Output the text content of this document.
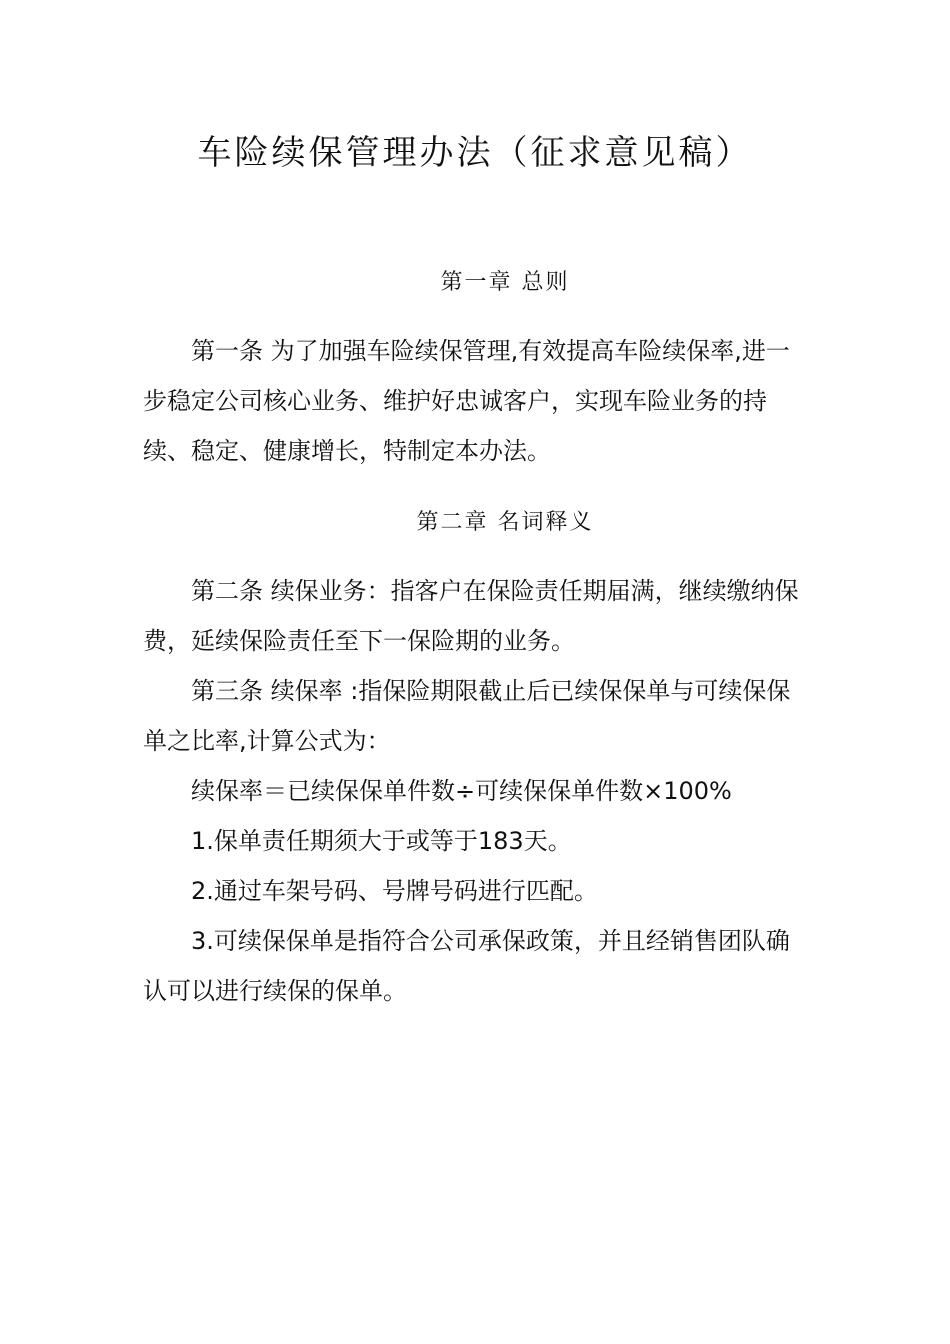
车险续保管理办法（征求意见稿）
第一章 总则

第一条 为了加强车险续保管理,有效提高车险续保率,进一步稳定公司核心业务、维护好忠诚客户，实现车险业务的持续、稳定、健康增长，特制定本办法。

第二章 名词释义

第二条 续保业务：指客户在保险责任期届满，继续缴纳保费，延续保险责任至下一保险期的业务。

第三条 续保率 :指保险期限截止后已续保保单与可续保保单之比率,计算公式为：

续保率＝已续保保单件数÷可续保保单件数×100%

1.保单责任期须大于或等于183天。

2.通过车架号码、号牌号码进行匹配。

3.可续保保单是指符合公司承保政策，并且经销售团队确认可以进行续保的保单。
